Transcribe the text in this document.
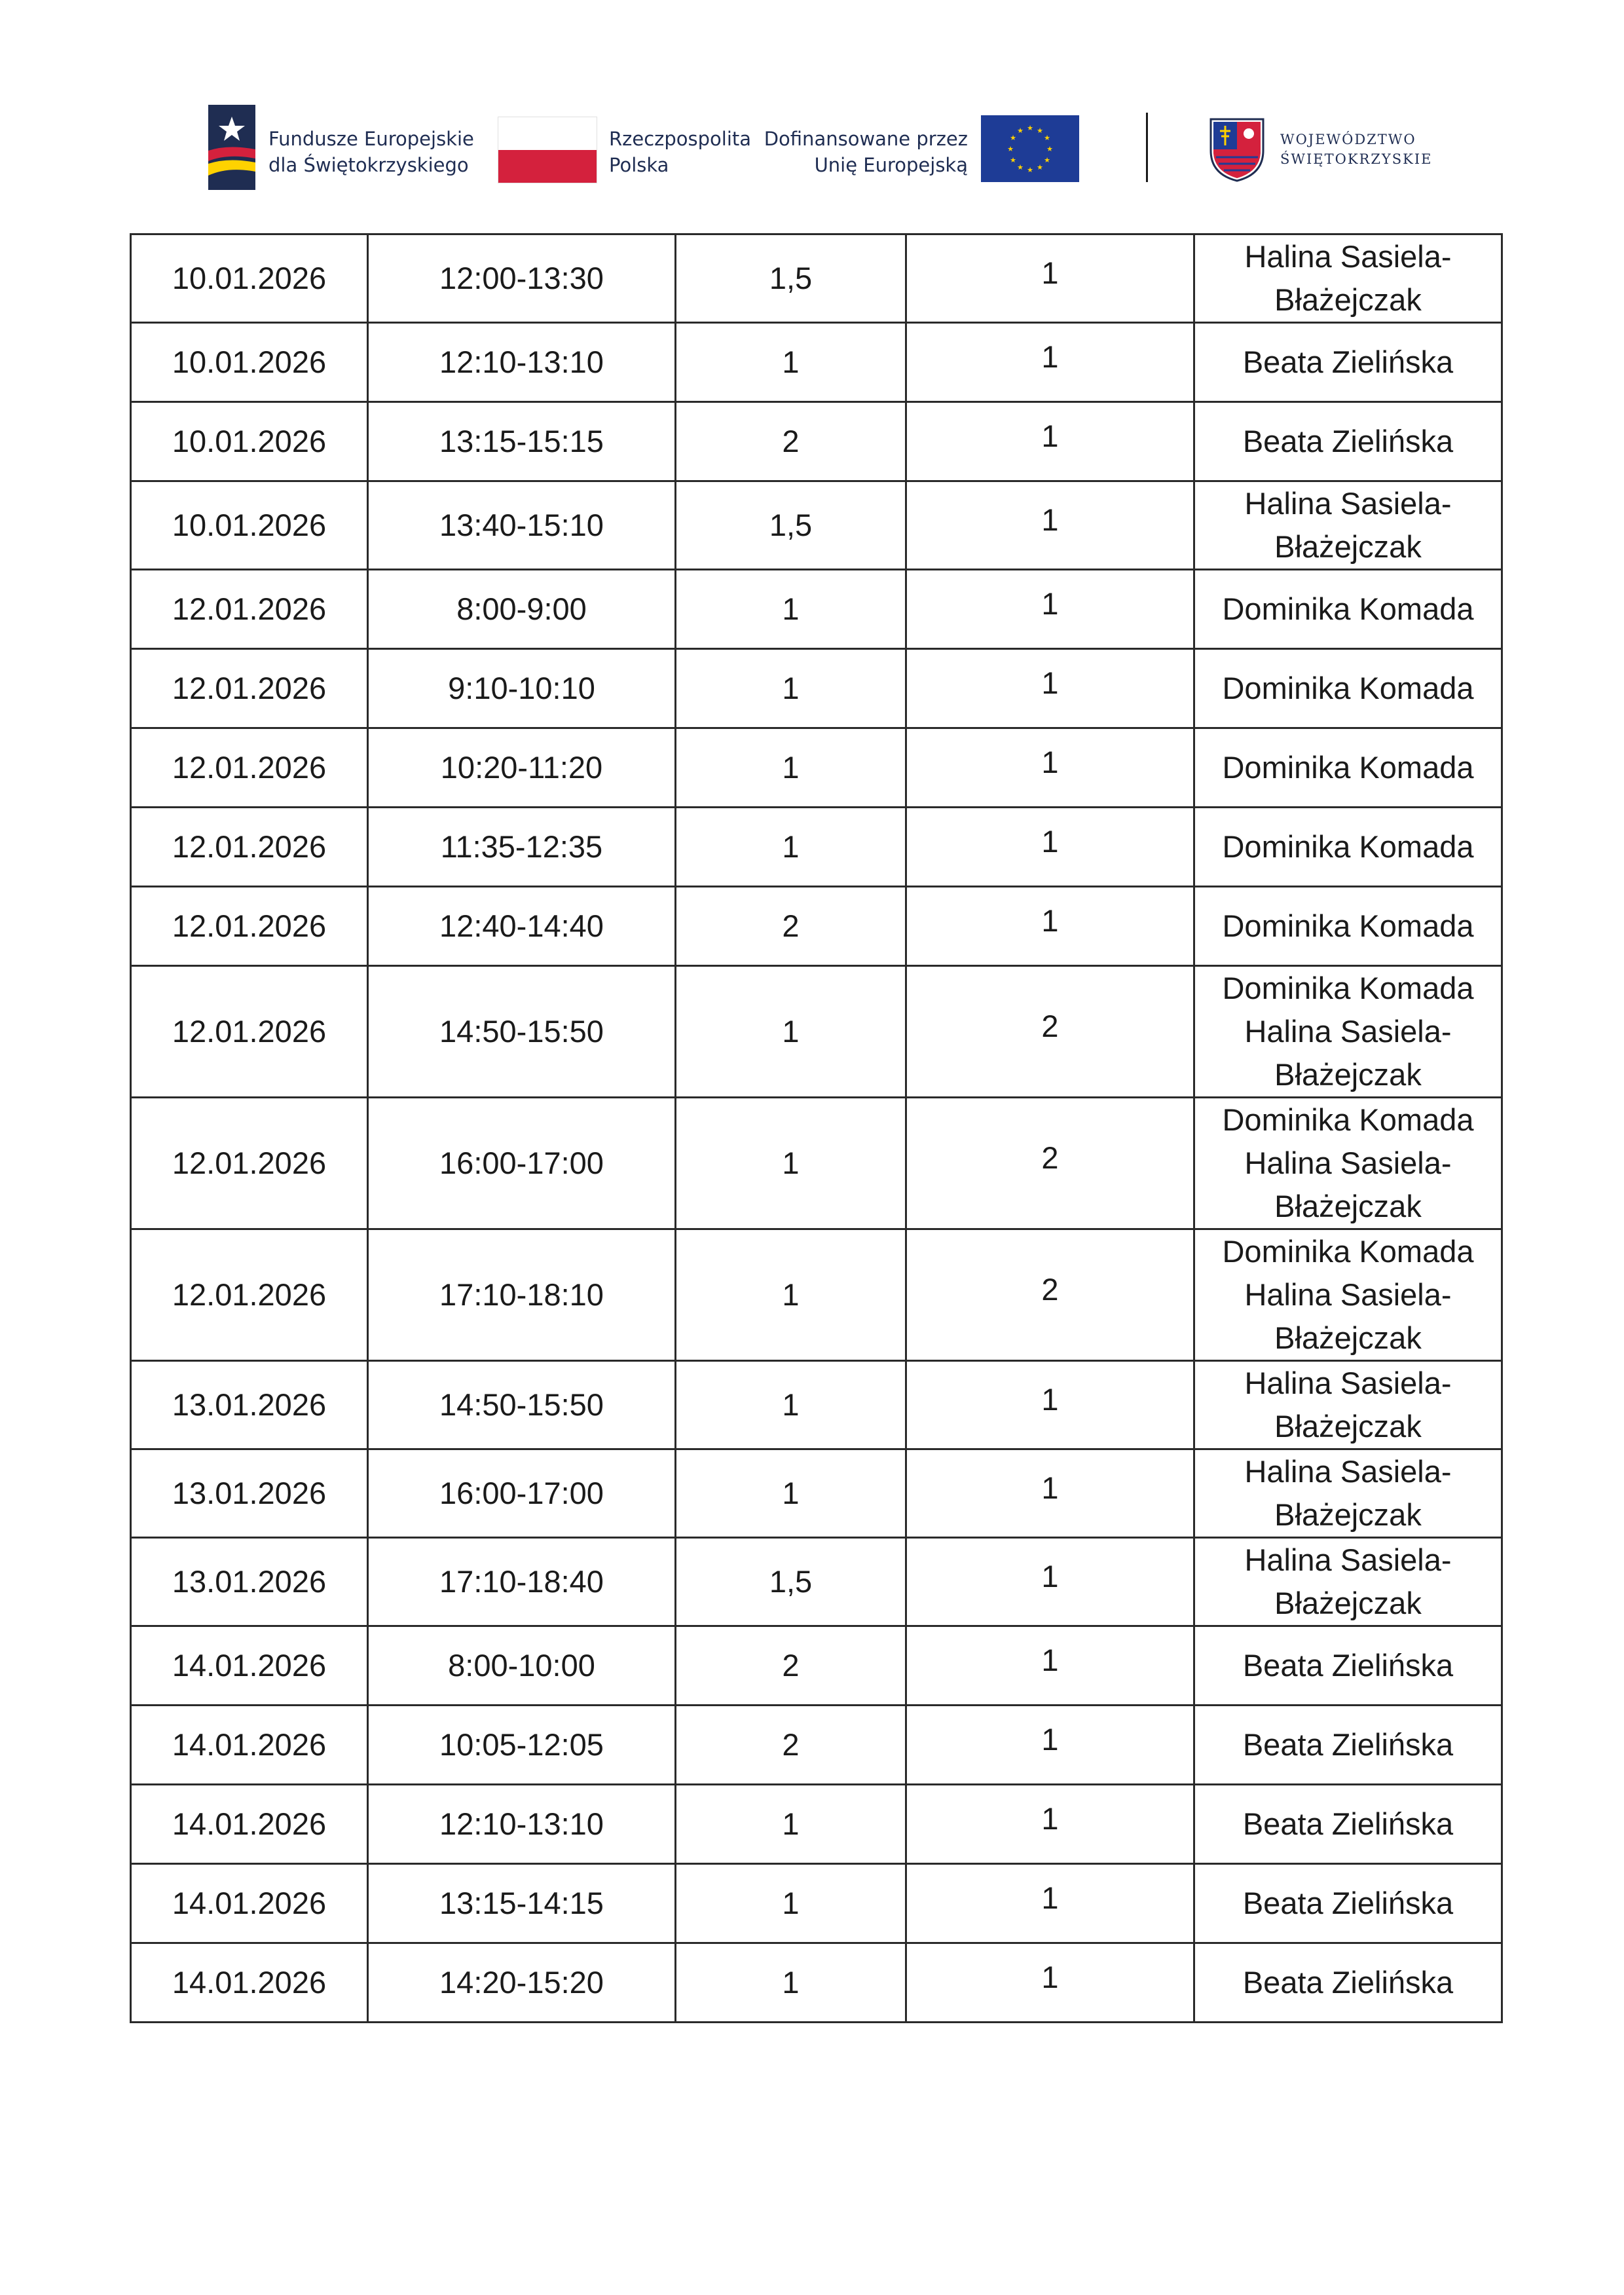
Fundusze Europejskie
dla Świętokrzyskiego
Rzeczpospolita
Polska
Dofinansowane przez
Unię Europejską
★ ★
★
★
★
★
★
★
★
★
★
★
WOJEWÓDZTWO
ŚWIĘTOKRZYSKIE
10.01.2026	12:00-13:30	1,5	1	Halina Sasiela-
Błażejczak

10.01.2026	12:10-13:10	1	1	Beata Zielińska

10.01.2026	13:15-15:15	2	1	Beata Zielińska

10.01.2026	13:40-15:10	1,5	1	Halina Sasiela-
Błażejczak

12.01.2026	8:00-9:00	1	1	Dominika Komada

12.01.2026	9:10-10:10	1	1	Dominika Komada

12.01.2026	10:20-11:20	1	1	Dominika Komada

12.01.2026	11:35-12:35	1	1	Dominika Komada

12.01.2026	12:40-14:40	2	1	Dominika Komada

12.01.2026	14:50-15:50	1	2	Dominika Komada
Halina Sasiela-
Błażejczak

12.01.2026	16:00-17:00	1	2	Dominika Komada
Halina Sasiela-
Błażejczak

12.01.2026	17:10-18:10	1	2	Dominika Komada
Halina Sasiela-
Błażejczak

13.01.2026	14:50-15:50	1	1	Halina Sasiela-
Błażejczak

13.01.2026	16:00-17:00	1	1	Halina Sasiela-
Błażejczak

13.01.2026	17:10-18:40	1,5	1	Halina Sasiela-
Błażejczak

14.01.2026	8:00-10:00	2	1	Beata Zielińska

14.01.2026	10:05-12:05	2	1	Beata Zielińska

14.01.2026	12:10-13:10	1	1	Beata Zielińska

14.01.2026	13:15-14:15	1	1	Beata Zielińska

14.01.2026	14:20-15:20	1	1	Beata Zielińska
